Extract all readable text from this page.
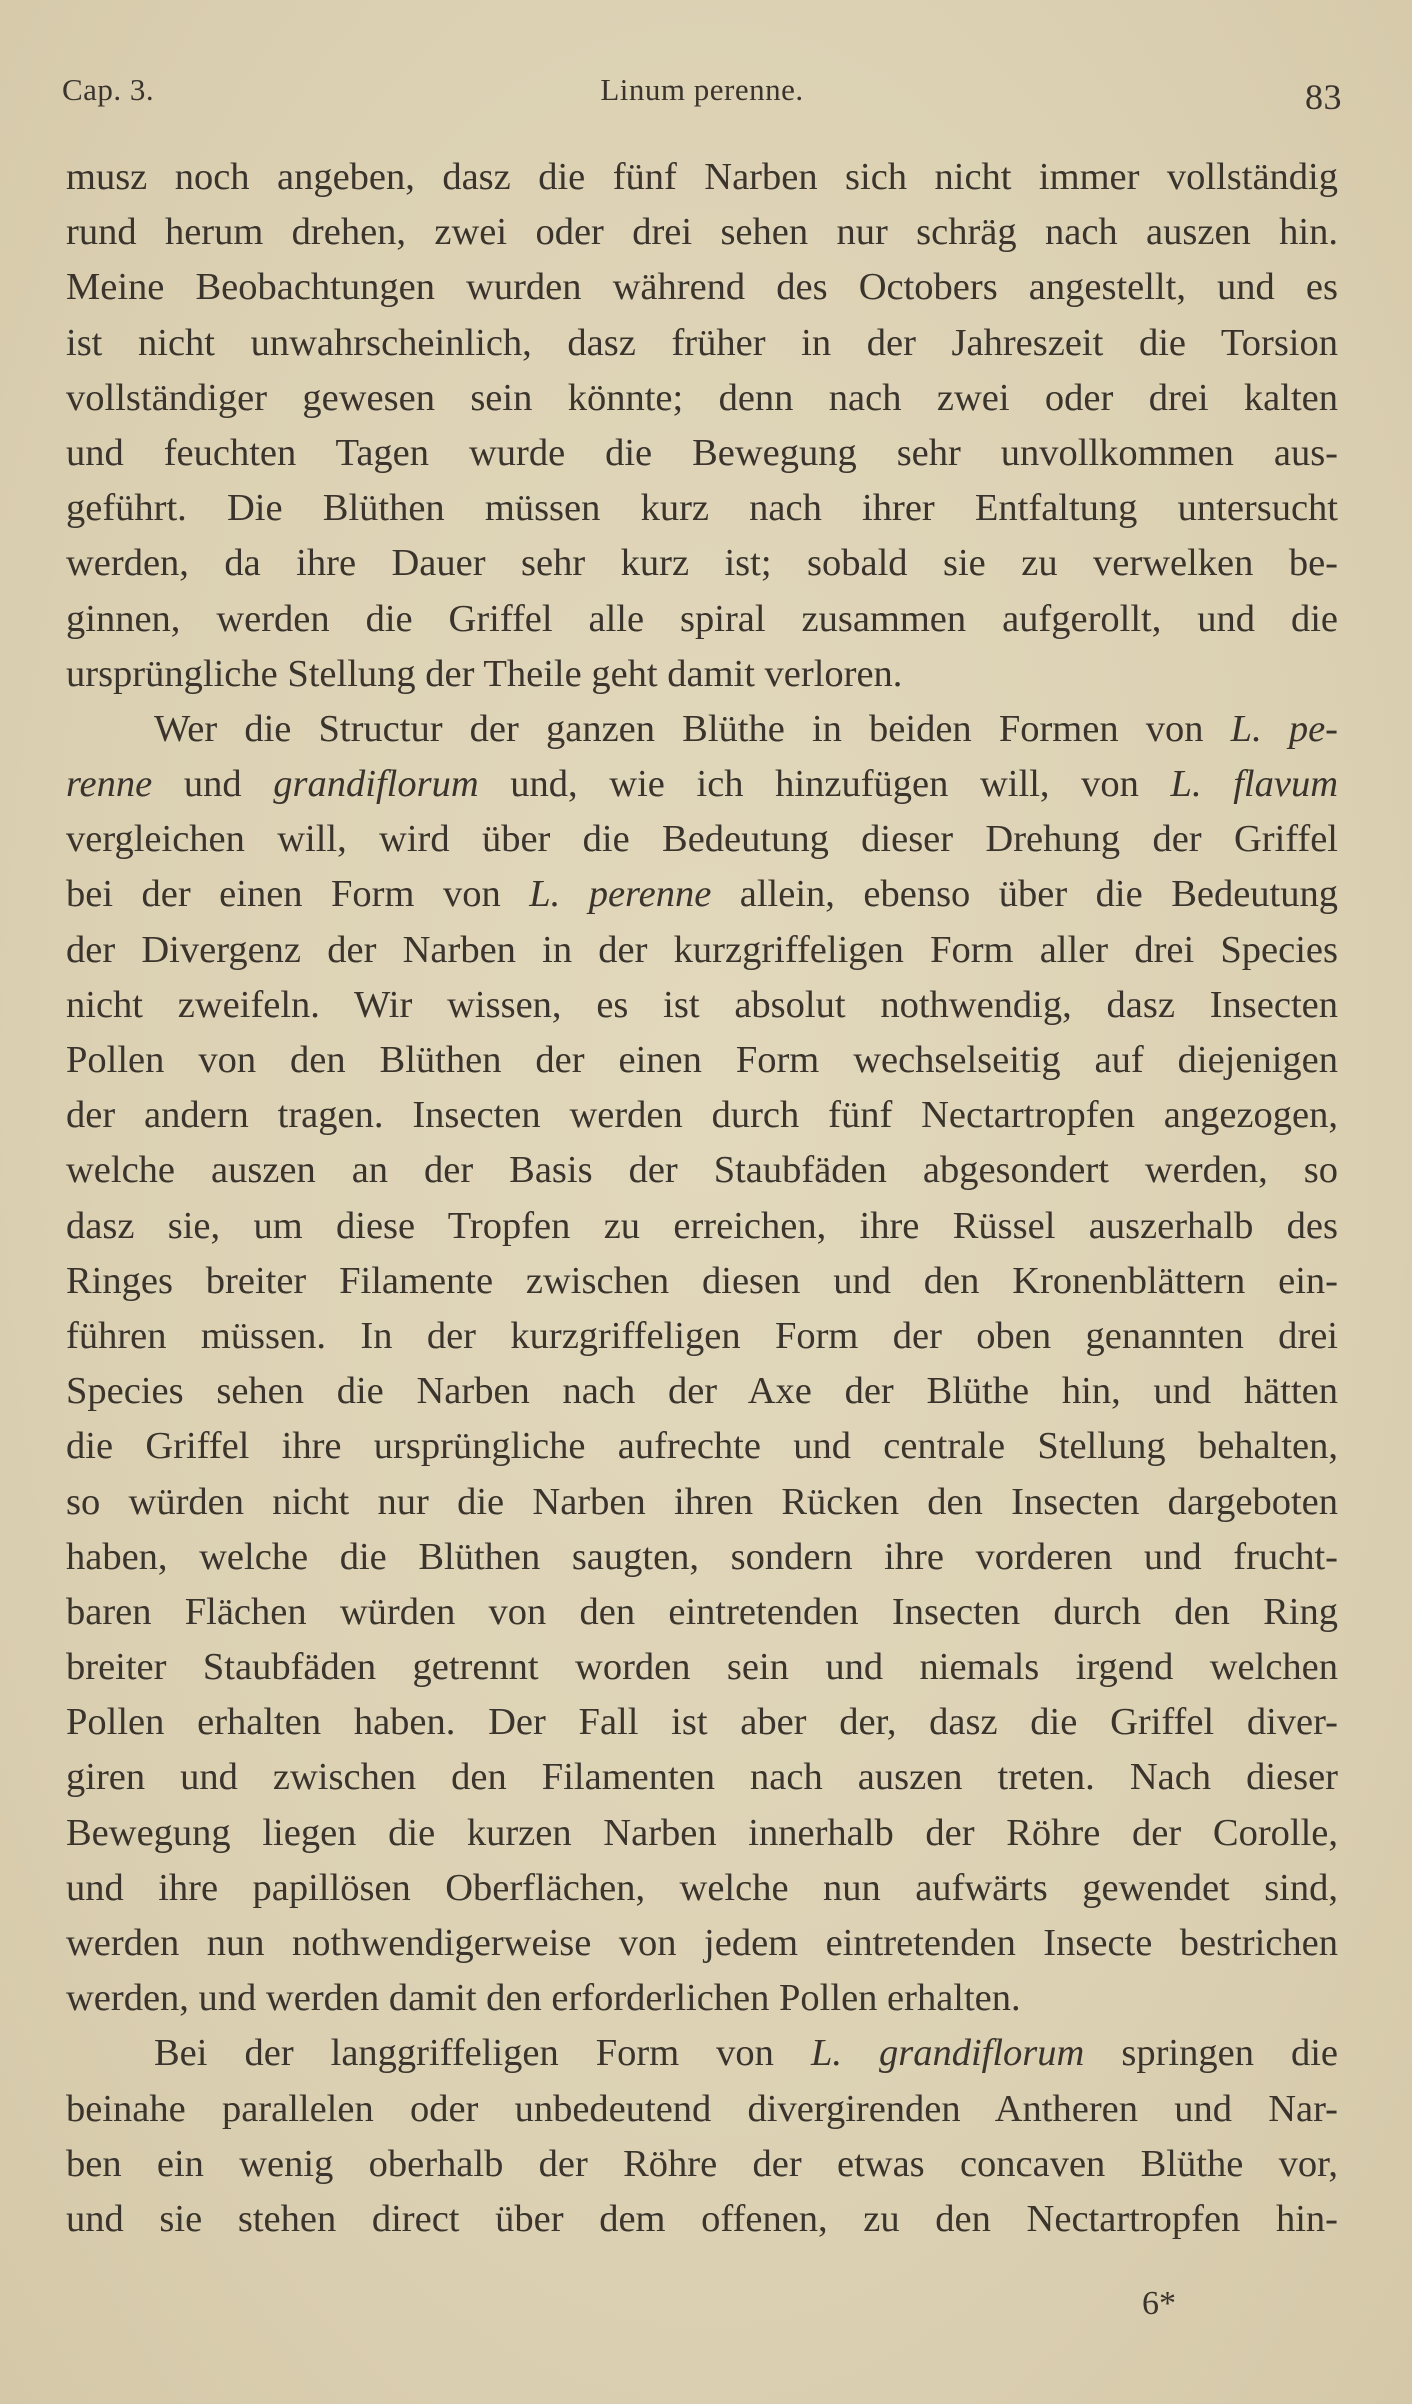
Cap. 3.	Linum perenne.	83
musz noch angeben, dasz die fünf Narben sich nicht immer vollständig
rund herum drehen, zwei oder drei sehen nur schräg nach auszen hin.
Meine Beobachtungen wurden während des Octobers angestellt, und es
ist nicht unwahrscheinlich, dasz früher in der Jahreszeit die Torsion
vollständiger gewesen sein könnte; denn nach zwei oder drei kalten
und feuchten Tagen wurde die Bewegung sehr unvollkommen aus-
geführt. Die Blüthen müssen kurz nach ihrer Entfaltung untersucht
werden, da ihre Dauer sehr kurz ist; sobald sie zu verwelken be-
ginnen, werden die Griffel alle spiral zusammen aufgerollt, und die
ursprüngliche Stellung der Theile geht damit verloren.
Wer die Structur der ganzen Blüthe in beiden Formen von L. pe-
renne und grandiflorum und, wie ich hinzufügen will, von L. flavum
vergleichen will, wird über die Bedeutung dieser Drehung der Griffel
bei der einen Form von L. perenne allein, ebenso über die Bedeutung
der Divergenz der Narben in der kurzgriffeligen Form aller drei Species
nicht zweifeln. Wir wissen, es ist absolut nothwendig, dasz Insecten
Pollen von den Blüthen der einen Form wechselseitig auf diejenigen
der andern tragen. Insecten werden durch fünf Nectartropfen angezogen,
welche auszen an der Basis der Staubfäden abgesondert werden, so
dasz sie, um diese Tropfen zu erreichen, ihre Rüssel auszerhalb des
Ringes breiter Filamente zwischen diesen und den Kronenblättern ein-
führen müssen. In der kurzgriffeligen Form der oben genannten drei
Species sehen die Narben nach der Axe der Blüthe hin, und hätten
die Griffel ihre ursprüngliche aufrechte und centrale Stellung behalten,
so würden nicht nur die Narben ihren Rücken den Insecten dargeboten
haben, welche die Blüthen saugten, sondern ihre vorderen und frucht-
baren Flächen würden von den eintretenden Insecten durch den Ring
breiter Staubfäden getrennt worden sein und niemals irgend welchen
Pollen erhalten haben. Der Fall ist aber der, dasz die Griffel diver-
giren und zwischen den Filamenten nach auszen treten. Nach dieser
Bewegung liegen die kurzen Narben innerhalb der Röhre der Corolle,
und ihre papillösen Oberflächen, welche nun aufwärts gewendet sind,
werden nun nothwendigerweise von jedem eintretenden Insecte bestrichen
werden, und werden damit den erforderlichen Pollen erhalten.
Bei der langgriffeligen Form von L. grandiflorum springen die
beinahe parallelen oder unbedeutend divergirenden Antheren und Nar-
ben ein wenig oberhalb der Röhre der etwas concaven Blüthe vor,
und sie stehen direct über dem offenen, zu den Nectartropfen hin-
6*
